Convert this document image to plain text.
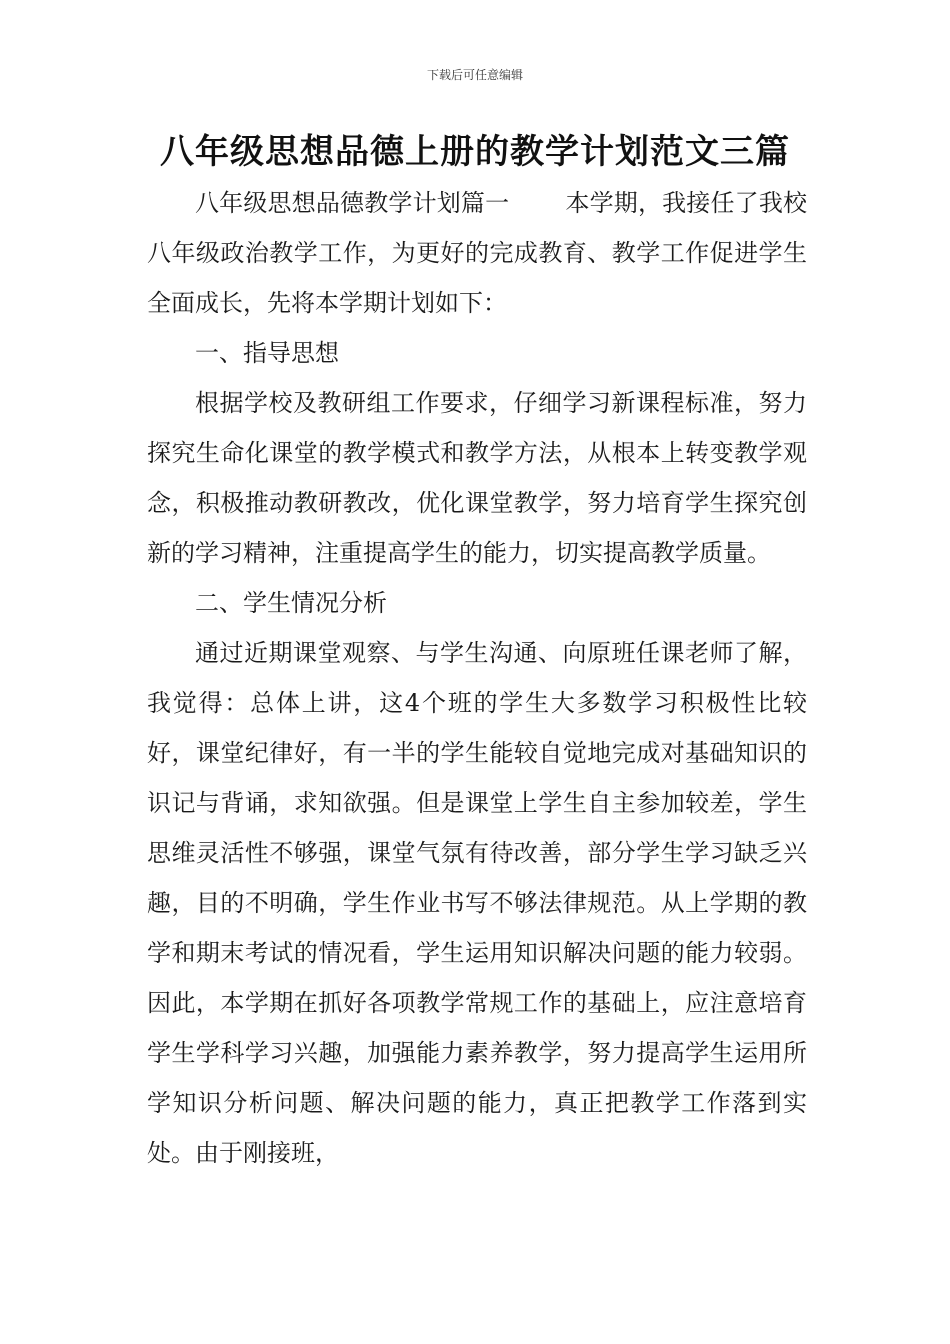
下载后可任意编辑
八年级思想品德上册的教学计划范文三篇

八年级思想品德教学计划篇一 本学期，我接任了我校八年级政治教学工作，为更好的完成教育、教学工作促进学生全面成长，先将本学期计划如下：

一、指导思想

根据学校及教研组工作要求，仔细学习新课程标准，努力探究生命化课堂的教学模式和教学方法，从根本上转变教学观念，积极推动教研教改，优化课堂教学，努力培育学生探究创新的学习精神，注重提高学生的能力，切实提高教学质量。

二、学生情况分析

通过近期课堂观察、与学生沟通、向原班任课老师了解，我觉得：总体上讲，这4个班的学生大多数学习积极性比较好，课堂纪律好，有一半的学生能较自觉地完成对基础知识的识记与背诵，求知欲强。但是课堂上学生自主参加较差，学生思维灵活性不够强，课堂气氛有待改善，部分学生学习缺乏兴趣，目的不明确，学生作业书写不够法律规范。从上学期的教学和期末考试的情况看，学生运用知识解决问题的能力较弱。因此，本学期在抓好各项教学常规工作的基础上，应注意培育学生学科学习兴趣，加强能力素养教学，努力提高学生运用所学知识分析问题、解决问题的能力，真正把教学工作落到实处。由于刚接班，
